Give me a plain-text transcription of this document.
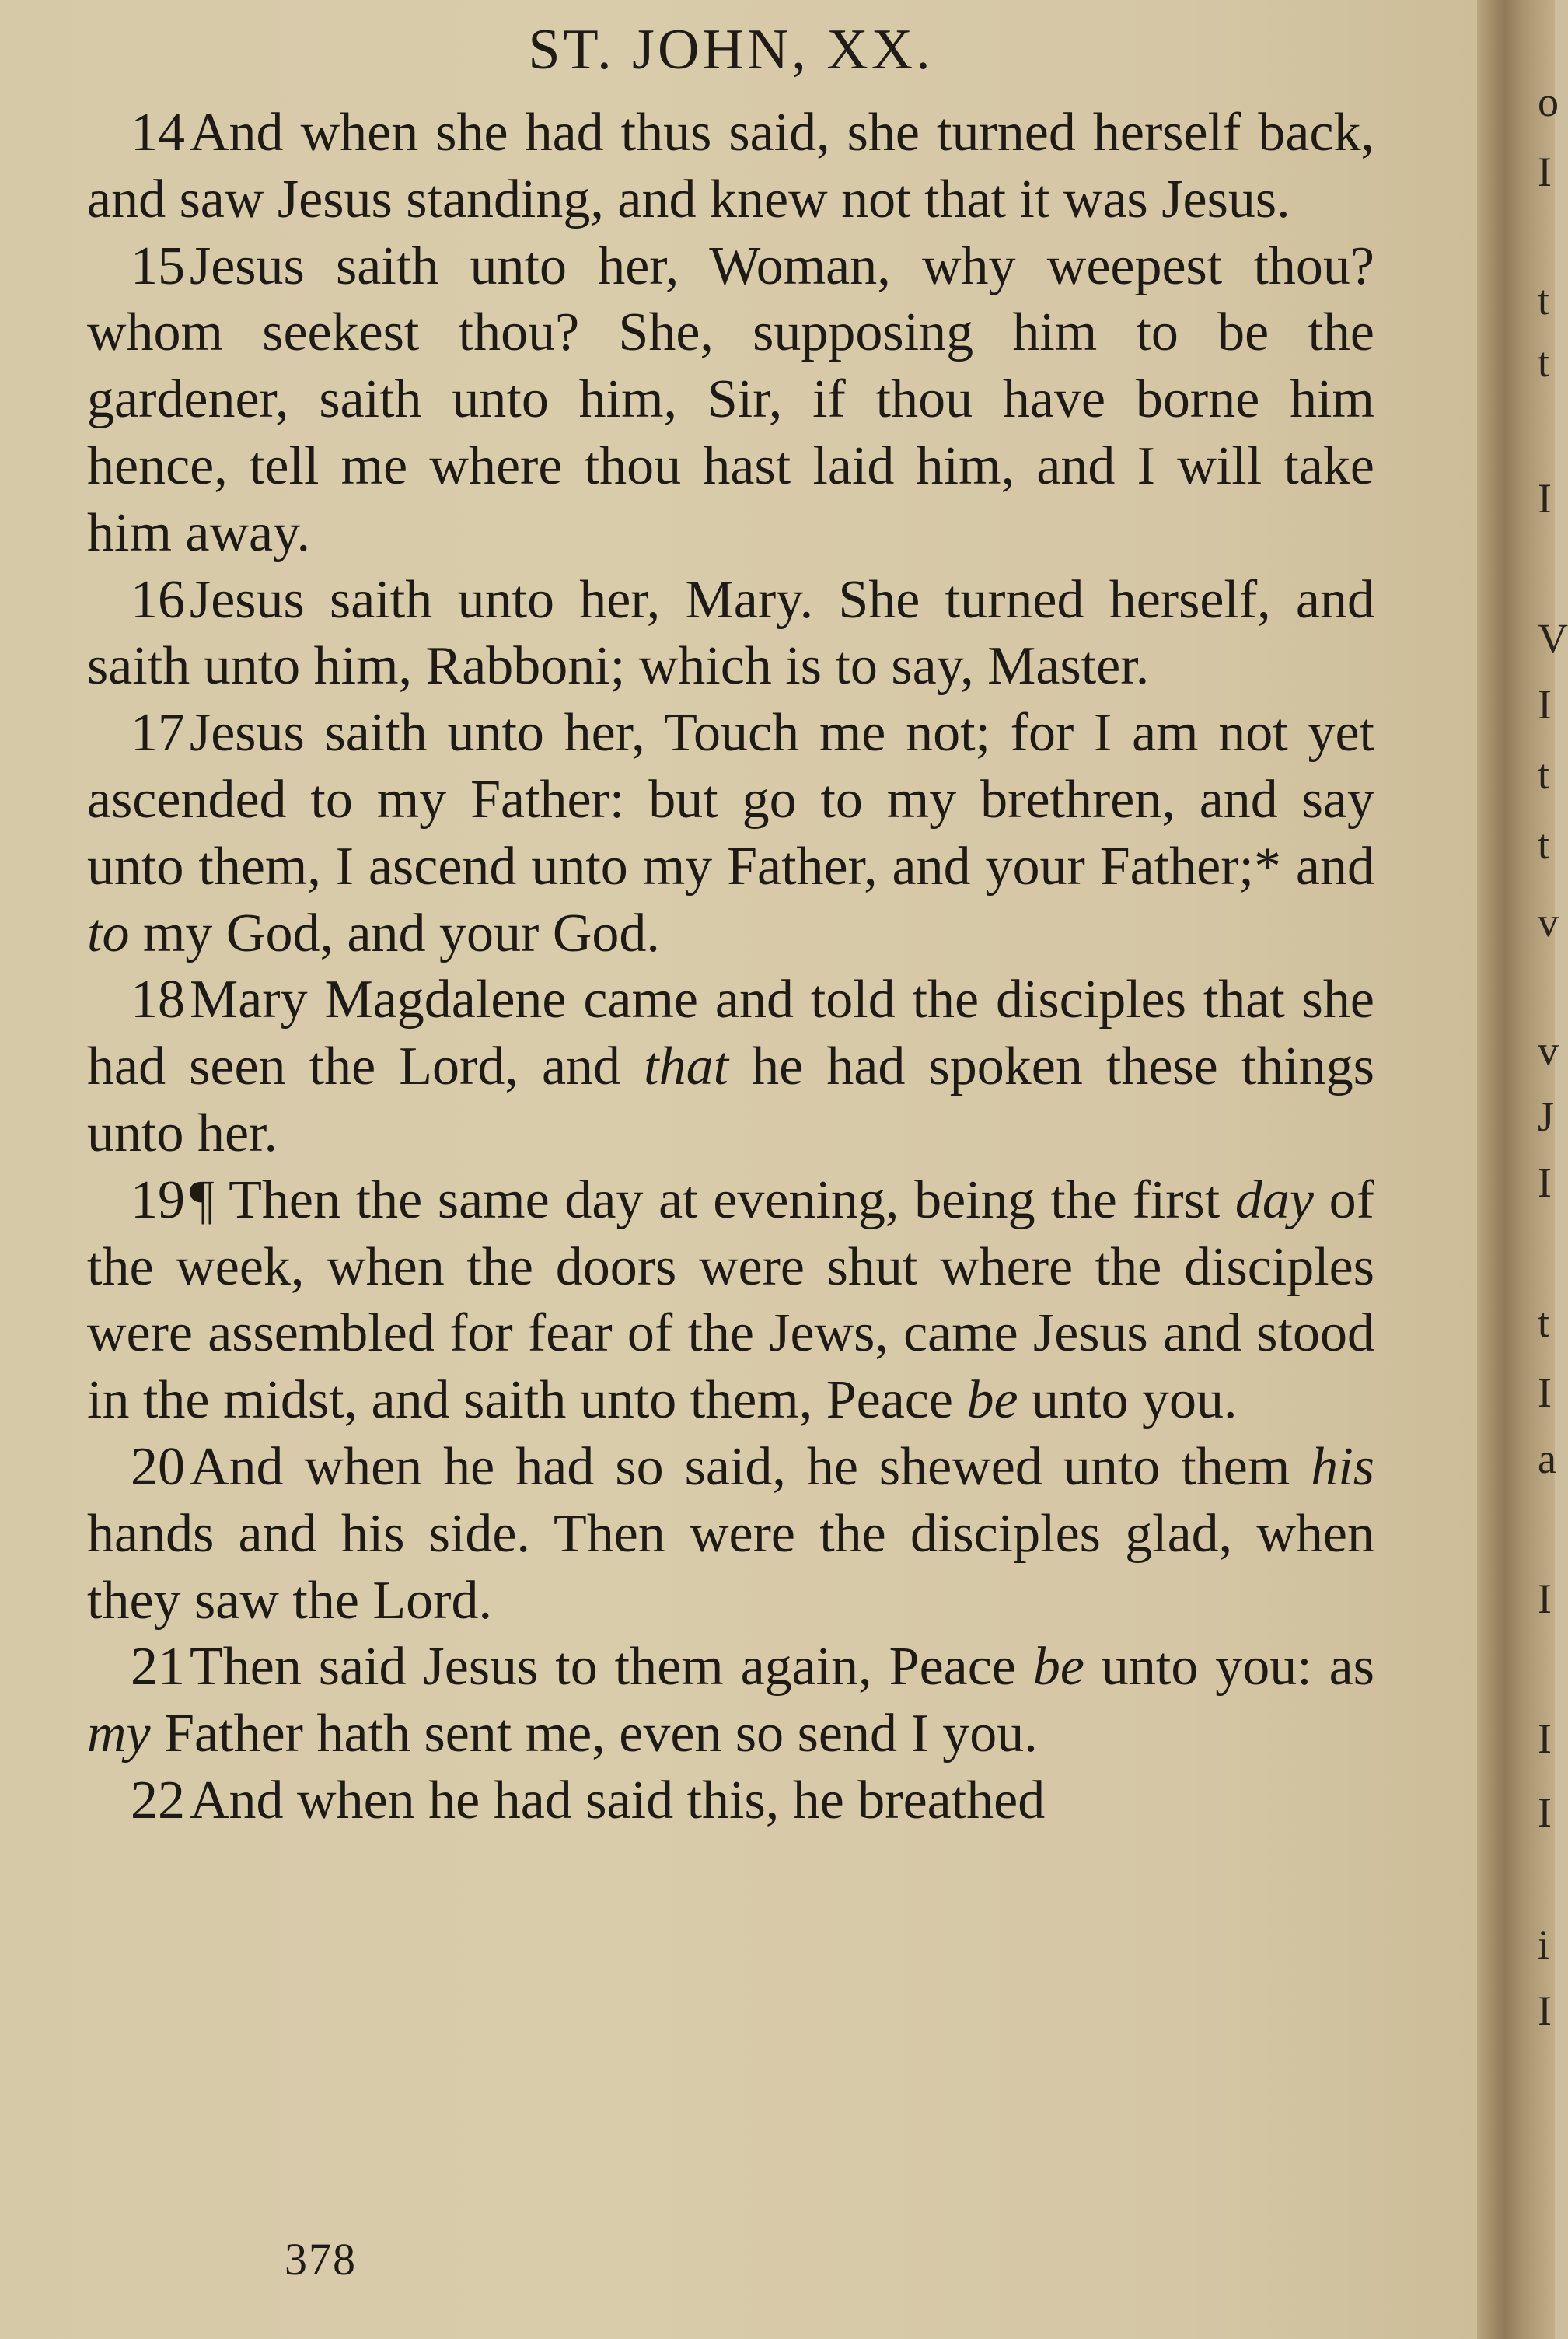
ST. JOHN, XX.

14And when she had thus said, she turned herself back, and saw Jesus standing, and knew not that it was Jesus.

15Jesus saith unto her, Woman, why weepest thou? whom seekest thou? She, supposing him to be the gardener, saith unto him, Sir, if thou have borne him hence, tell me where thou hast laid him, and I will take him away.

16Jesus saith unto her, Mary. She turned herself, and saith unto him, Rabboni; which is to say, Master.

17Jesus saith unto her, Touch me not; for I am not yet ascended to my Father: but go to my brethren, and say unto them, I ascend unto my Father, and your Father;* and to my God, and your God.

18Mary Magdalene came and told the disciples that she had seen the Lord, and that he had spoken these things unto her.

19¶ Then the same day at evening, being the first day of the week, when the doors were shut where the disciples were assembled for fear of the Jews, came Jesus and stood in the midst, and saith unto them, Peace be unto you.

20And when he had so said, he shewed unto them his hands and his side. Then were the disciples glad, when they saw the Lord.

21Then said Jesus to them again, Peace be unto you: as my Father hath sent me, even so send I you.

22And when he had said this, he breathed

378
o
I
t
t
I
V
I
t
t
v
v
J
I
t
I
a
I
I
I
i
I
